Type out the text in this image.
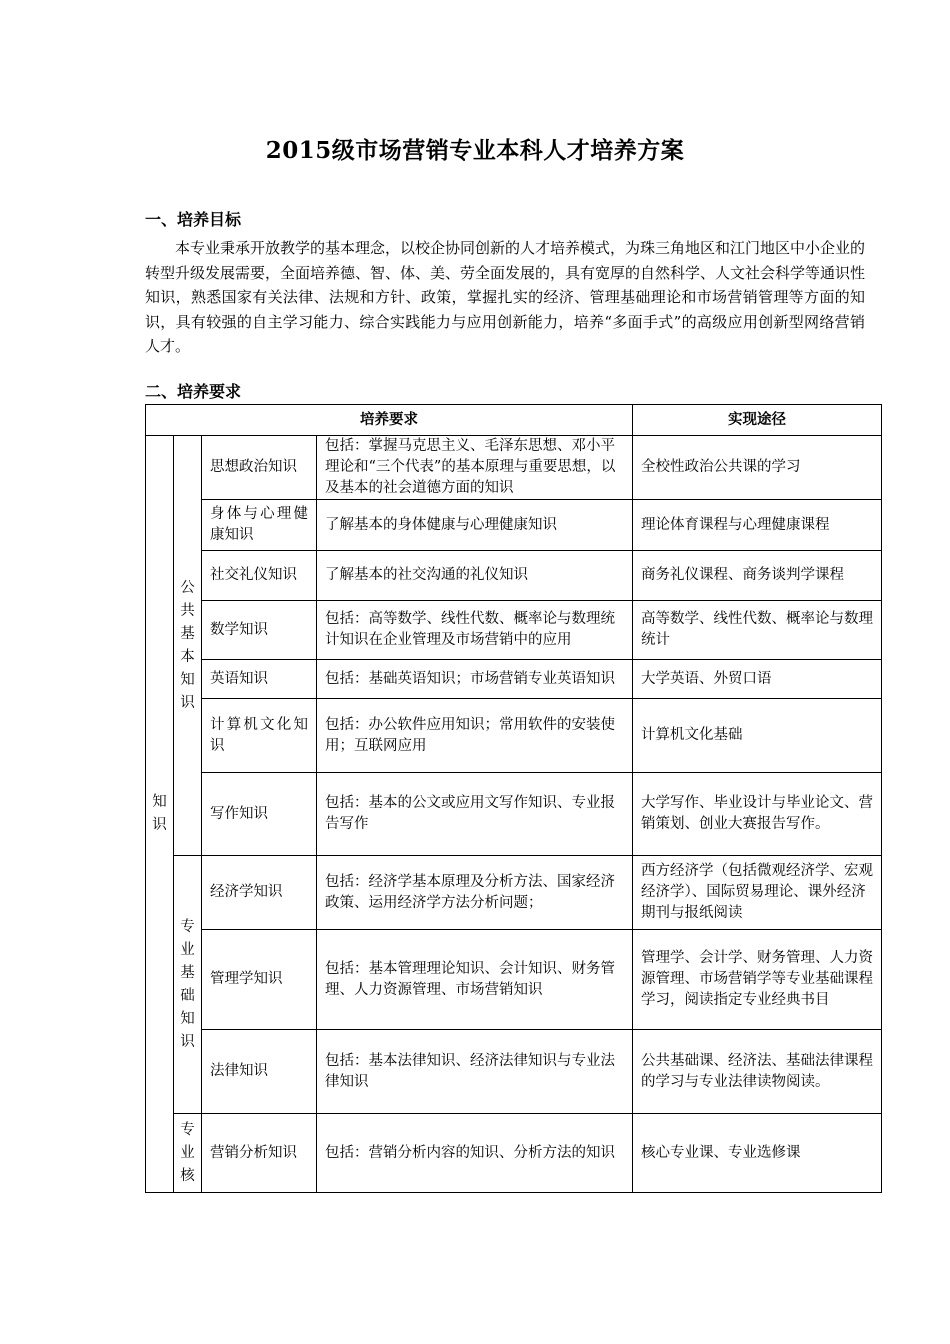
2015级市场营销专业本科人才培养方案
一、培养目标

本专业秉承开放教学的基本理念，以校企协同创新的人才培养模式，为珠三角地区和江门地区中小企业的转型升级发展需要，全面培养德、智、体、美、劳全面发展的，具有宽厚的自然科学、人文社会科学等通识性知识，熟悉国家有关法律、法规和方针、政策，掌握扎实的经济、管理基础理论和市场营销管理等方面的知识，具有较强的自主学习能力、综合实践能力与应用创新能力，培养“多面手式”的高级应用创新型网络营销人才。

二、培养要求
培养要求				实现途径
知识	公共基本知识	思想政治知识	包括：掌握马克思主义、毛泽东思想、邓小平理论和“三个代表”的基本原理与重要思想，以及基本的社会道德方面的知识	全校性政治公共课的学习
		身体与心理健康知识	了解基本的身体健康与心理健康知识	理论体育课程与心理健康课程
		社交礼仪知识	了解基本的社交沟通的礼仪知识	商务礼仪课程、商务谈判学课程
		数学知识	包括：高等数学、线性代数、概率论与数理统计知识在企业管理及市场营销中的应用	高等数学、线性代数、概率论与数理统计
		英语知识	包括：基础英语知识；市场营销专业英语知识	大学英语、外贸口语
		计算机文化知识	包括：办公软件应用知识；常用软件的安装使用；互联网应用	计算机文化基础
		写作知识	包括：基本的公文或应用文写作知识、专业报告写作	大学写作、毕业设计与毕业论文、营销策划、创业大赛报告写作。
	专业基础知识	经济学知识	包括：经济学基本原理及分析方法、国家经济政策、运用经济学方法分析问题；	西方经济学（包括微观经济学、宏观经济学）、国际贸易理论、课外经济期刊与报纸阅读
		管理学知识	包括：基本管理理论知识、会计知识、财务管理、人力资源管理、市场营销知识	管理学、会计学、财务管理、人力资源管理、市场营销学等专业基础课程学习，阅读指定专业经典书目
		法律知识	包括：基本法律知识、经济法律知识与专业法律知识	公共基础课、经济法、基础法律课程的学习与专业法律读物阅读。
	专业核	营销分析知识	包括：营销分析内容的知识、分析方法的知识	核心专业课、专业选修课
